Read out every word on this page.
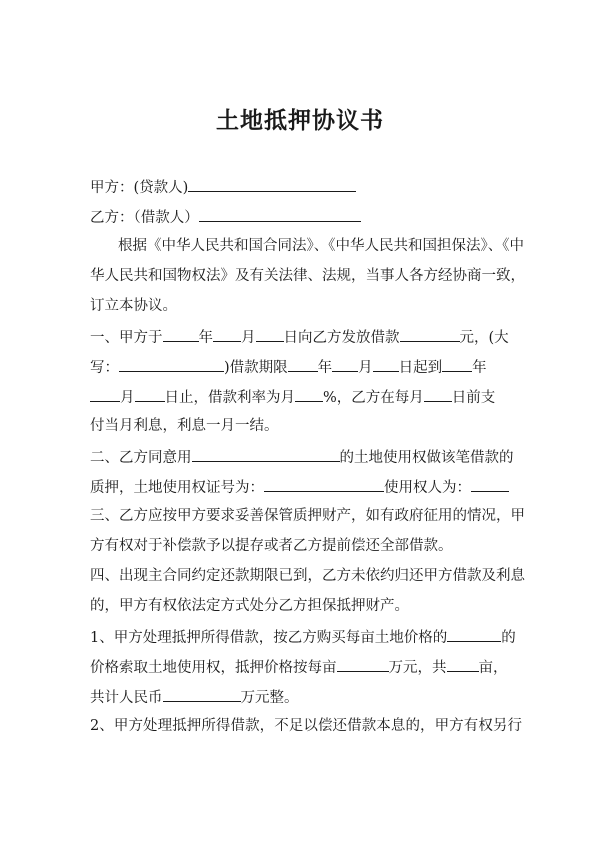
土地抵押协议书
甲方：(贷款人)
乙方：（借款人）
根据《中华人民共和国合同法》、《中华人民共和国担保法》、《中
华人民共和国物权法》及有关法律、法规，当事人各方经协商一致，
订立本协议。
一、甲方于 年 月 日向乙方发放借款	元，(大
写：	)借款期限 年 月 日起到 年
月 日止，借款利率为月 %，乙方在每月 日前支
付当月利息，利息一月一结。
二、乙方同意用	的土地使用权做该笔借款的
质押，土地使用权证号为：	使用权人为：
三、乙方应按甲方要求妥善保管质押财产，如有政府征用的情况，甲
方有权对于补偿款予以提存或者乙方提前偿还全部借款。
四、出现主合同约定还款期限已到，乙方未依约归还甲方借款及利息
的，甲方有权依法定方式处分乙方担保抵押财产。
1、甲方处理抵押所得借款，按乙方购买每亩土地价格的	的
价格索取土地使用权，抵押价格按每亩	万元，共 亩，
共计人民币	万元整。
2、甲方处理抵押所得借款，不足以偿还借款本息的，甲方有权另行
